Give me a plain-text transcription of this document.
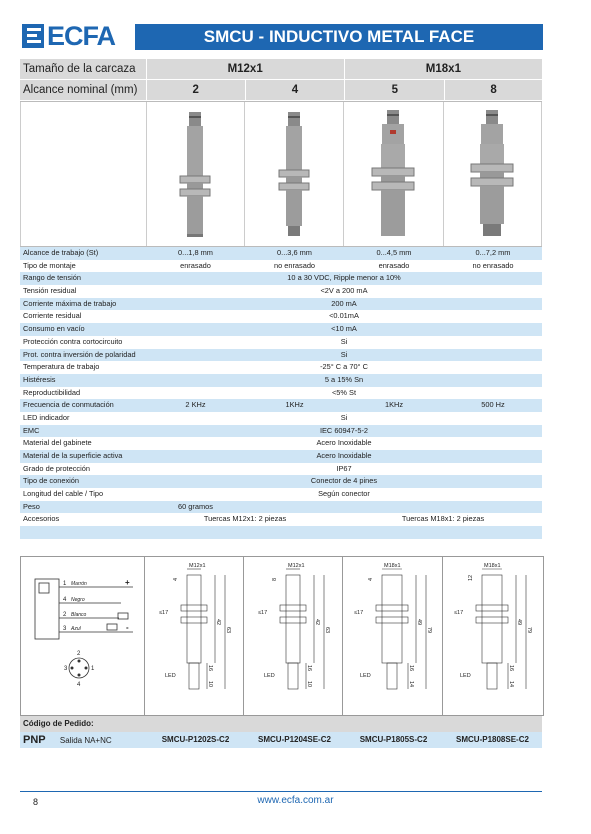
ECFA	SMCU - INDUCTIVO METAL FACE
Tamaño de la carcaza	M12x1	M18x1
Alcance nominal (mm)	2	4	5	8
Alcance de trabajo (St)	0...1,8 mm	0...3,6 mm	0...4,5 mm	0...7,2 mm
Tipo de montaje	enrasado	no enrasado	enrasado	no enrasado
Rango de tensión	10 a 30 VDC, Ripple menor a 10%
Tensión residual	<2V a 200 mA
Corriente máxima de trabajo	200 mA
Corriente residual	<0.01mA
Consumo en vacío	<10 mA
Protección contra cortocircuito	Si
Prot. contra inversión de polaridad	Si
Temperatura de trabajo	-25° C a 70° C
Histéresis	5 a 15% Sn
Reproductibilidad	<5% St
Frecuencia de conmutación	2 KHz	1KHz	1KHz	500 Hz
LED indicador	Si
EMC	IEC 60947-5-2
Material del gabinete	Acero Inoxidable
Material de la superficie activa	Acero Inoxidable
Grado de protección	IP67
Tipo de conexión	Conector de 4 pines
Longitud del cable / Tipo	Según conector
Peso	60 gramos
Accesorios	Tuercas M12x1: 2 piezas	Tuercas M18x1: 2 piezas
1
4
2
3
Marrón
Negro
Blanco
Azul
+
-
2
3	1
4
M12x1
4
≤17
42
63
16
10
LED
M12x1
8
≤17
42
63
16
10
LED
M18x1
4
≤17
49
79
16
14
LED
M18x1
12
≤17
49
79
16
14
LED
Código de Pedido:
PNP Salida NA+NC	SMCU-P1202S-C2	SMCU-P1204SE-C2	SMCU-P1805S-C2	SMCU-P1808SE-C2
8	www.ecfa.com.ar
